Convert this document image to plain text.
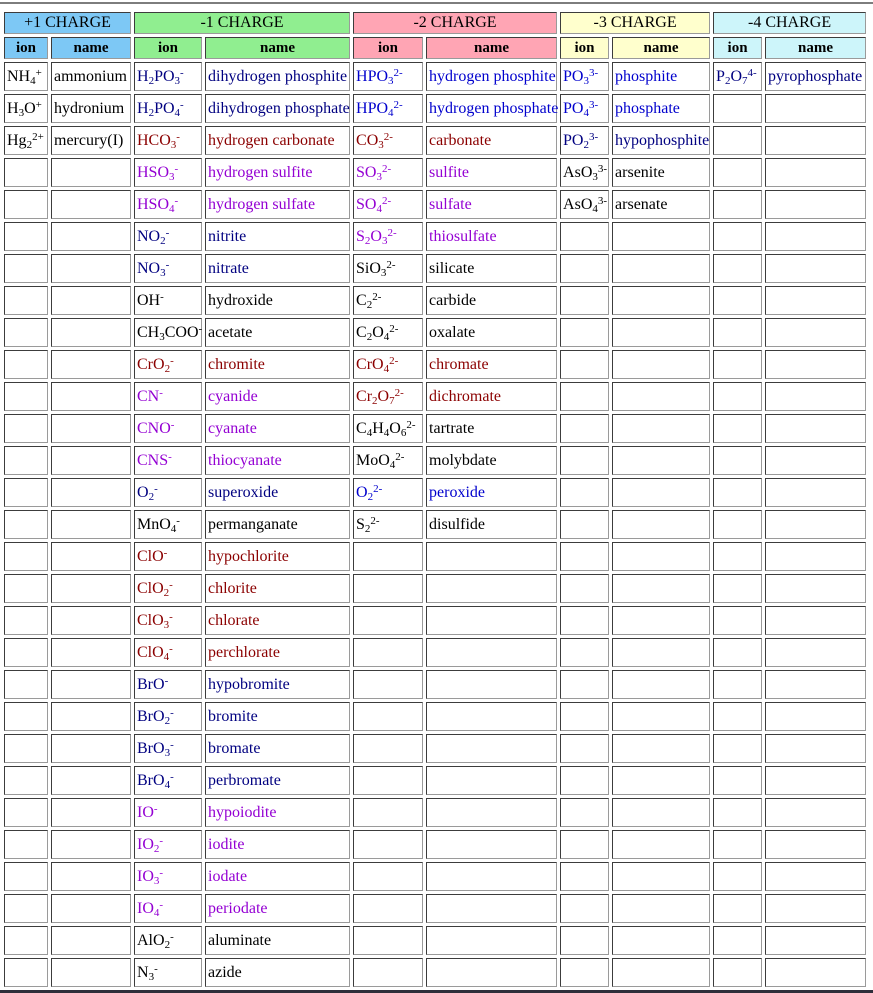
+1 CHARGE		-1 CHARGE		-2 CHARGE		-3 CHARGE		-4 CHARGE	
ion	name	ion	name	ion	name	ion	name	ion	name
$NH_4^+$	ammonium	$H_2PO_3^-$	dihydrogen phosphite	$HPO_3^{2-}$	hydrogen phosphite	$PO_3^{3-}$	phosphite	$P_2O_7^{4-}$	pyrophosphate
$H_3O^+$	hydronium	$H_2PO_4^-$	dihydrogen phosphate	$HPO_4^{2-}$	hydrogen phosphate	$PO_4^{3-}$	phosphate		
$Hg_2^{2+}$	mercury(I)	$HCO_3^-$	hydrogen carbonate	$CO_3^{2-}$	carbonate	$PO_2^{3-}$	hypophosphite		
		$HSO_3^-$	hydrogen sulfite	$SO_3^{2-}$	sulfite	AsO$_3^{3-}$	arsenite		
		$HSO_4^-$	hydrogen sulfate	$SO_4^{2-}$	sulfate	AsO$_4^{3-}$	arsenate		
		$NO_2^-$	nitrite	$S_2O_3^{2-}$	thiosulfate				
		$NO_3^-$	nitrate	SiO$_3^{2-}$	silicate				
		OH-	hydroxide	$C_2^{2-}$	carbide				
		$CH_3COO^-$	acetate	$C_2O_4^{2-}$	oxalate				
		CrO$_2$-	chromite	CrO$_4^{2-}$	chromate				
		CN-	cyanide	$Cr_2O_7^{2-}$	dichromate				
		CNO-	cyanate	$C_4H_4O_6^{2-}$	tartrate				
		CNS-	thiocyanate	MoO$_4^{2-}$	molybdate				
		$O_2^-$	superoxide	$O_2^{2-}$	peroxide				
		MnO$_4$-	permanganate	$S_2^{2-}$	disulfide				
		ClO-	hypochlorite						
		ClO$_2$-	chlorite						
		ClO$_3$-	chlorate						
		ClO$_4$-	perchlorate						
		BrO-	hypobromite						
		BrO$_2$-	bromite						
		BrO$_3$-	bromate						
		BrO$_4$-	perbromate						
		IO-	hypoiodite						
		$IO_2^-$	iodite						
		$IO_3^-$	iodate						
		$IO_4^-$	periodate						
		AlO$_2$-	aluminate						
		$N_3^-$	azide						
